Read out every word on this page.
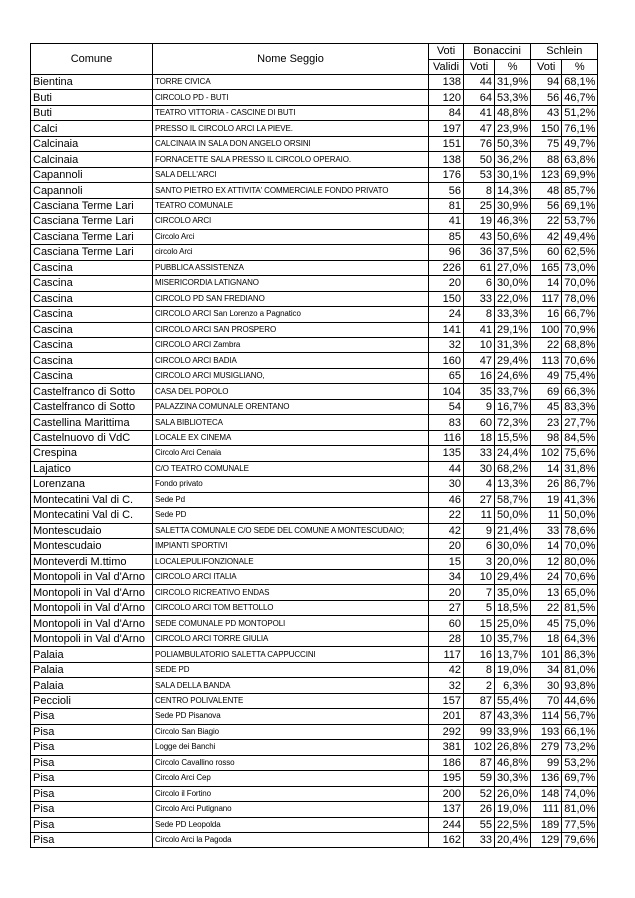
Comune	Nome Seggio	Voti	Bonaccini		Schlein	
		Validi	Voti	%	Voti	%
Bientina	TORRE CIVICA	138	44	31,9%	94	68,1%
Buti	CIRCOLO PD - BUTI	120	64	53,3%	56	46,7%
Buti	TEATRO VITTORIA - CASCINE DI BUTI	84	41	48,8%	43	51,2%
Calci	PRESSO IL CIRCOLO ARCI LA PIEVE.	197	47	23,9%	150	76,1%
Calcinaia	CALCINAIA IN SALA DON ANGELO ORSINI	151	76	50,3%	75	49,7%
Calcinaia	FORNACETTE SALA PRESSO IL CIRCOLO OPERAIO.	138	50	36,2%	88	63,8%
Capannoli	SALA DELL'ARCI	176	53	30,1%	123	69,9%
Capannoli	SANTO PIETRO EX ATTIVITA' COMMERCIALE FONDO PRIVATO	56	8	14,3%	48	85,7%
Casciana Terme Lari	TEATRO COMUNALE	81	25	30,9%	56	69,1%
Casciana Terme Lari	CIRCOLO ARCI	41	19	46,3%	22	53,7%
Casciana Terme Lari	Circolo Arci	85	43	50,6%	42	49,4%
Casciana Terme Lari	circolo Arci	96	36	37,5%	60	62,5%
Cascina	PUBBLICA ASSISTENZA	226	61	27,0%	165	73,0%
Cascina	MISERICORDIA LATIGNANO	20	6	30,0%	14	70,0%
Cascina	CIRCOLO PD SAN FREDIANO	150	33	22,0%	117	78,0%
Cascina	CIRCOLO ARCI San Lorenzo a Pagnatico	24	8	33,3%	16	66,7%
Cascina	CIRCOLO ARCI SAN PROSPERO	141	41	29,1%	100	70,9%
Cascina	CIRCOLO ARCI Zambra	32	10	31,3%	22	68,8%
Cascina	CIRCOLO ARCI BADIA	160	47	29,4%	113	70,6%
Cascina	CIRCOLO ARCI MUSIGLIANO,	65	16	24,6%	49	75,4%
Castelfranco di Sotto	CASA DEL POPOLO	104	35	33,7%	69	66,3%
Castelfranco di Sotto	PALAZZINA COMUNALE ORENTANO	54	9	16,7%	45	83,3%
Castellina Marittima	SALA BIBLIOTECA	83	60	72,3%	23	27,7%
Castelnuovo di VdC	LOCALE EX CINEMA	116	18	15,5%	98	84,5%
Crespina	Circolo Arci Cenaia	135	33	24,4%	102	75,6%
Lajatico	C/O TEATRO COMUNALE	44	30	68,2%	14	31,8%
Lorenzana	Fondo privato	30	4	13,3%	26	86,7%
Montecatini Val di C.	Sede Pd	46	27	58,7%	19	41,3%
Montecatini Val di C.	Sede PD	22	11	50,0%	11	50,0%
Montescudaio	SALETTA COMUNALE C/O SEDE DEL COMUNE A MONTESCUDAIO;	42	9	21,4%	33	78,6%
Montescudaio	IMPIANTI SPORTIVI	20	6	30,0%	14	70,0%
Monteverdi M.ttimo	LOCALEPULIFONZIONALE	15	3	20,0%	12	80,0%
Montopoli in Val d'Arno	CIRCOLO ARCI ITALIA	34	10	29,4%	24	70,6%
Montopoli in Val d'Arno	CIRCOLO RICREATIVO ENDAS	20	7	35,0%	13	65,0%
Montopoli in Val d'Arno	CIRCOLO ARCI TOM BETTOLLO	27	5	18,5%	22	81,5%
Montopoli in Val d'Arno	SEDE COMUNALE PD MONTOPOLI	60	15	25,0%	45	75,0%
Montopoli in Val d'Arno	CIRCOLO ARCI TORRE GIULIA	28	10	35,7%	18	64,3%
Palaia	POLIAMBULATORIO SALETTA CAPPUCCINI	117	16	13,7%	101	86,3%
Palaia	SEDE PD	42	8	19,0%	34	81,0%
Palaia	SALA DELLA BANDA	32	2	6,3%	30	93,8%
Peccioli	CENTRO POLIVALENTE	157	87	55,4%	70	44,6%
Pisa	Sede PD Pisanova	201	87	43,3%	114	56,7%
Pisa	Circolo San Biagio	292	99	33,9%	193	66,1%
Pisa	Logge dei Banchi	381	102	26,8%	279	73,2%
Pisa	Circolo Cavallino rosso	186	87	46,8%	99	53,2%
Pisa	Circolo Arci Cep	195	59	30,3%	136	69,7%
Pisa	Circolo il Fortino	200	52	26,0%	148	74,0%
Pisa	Circolo Arci Putignano	137	26	19,0%	111	81,0%
Pisa	Sede PD Leopolda	244	55	22,5%	189	77,5%
Pisa	Circolo Arci la Pagoda	162	33	20,4%	129	79,6%
